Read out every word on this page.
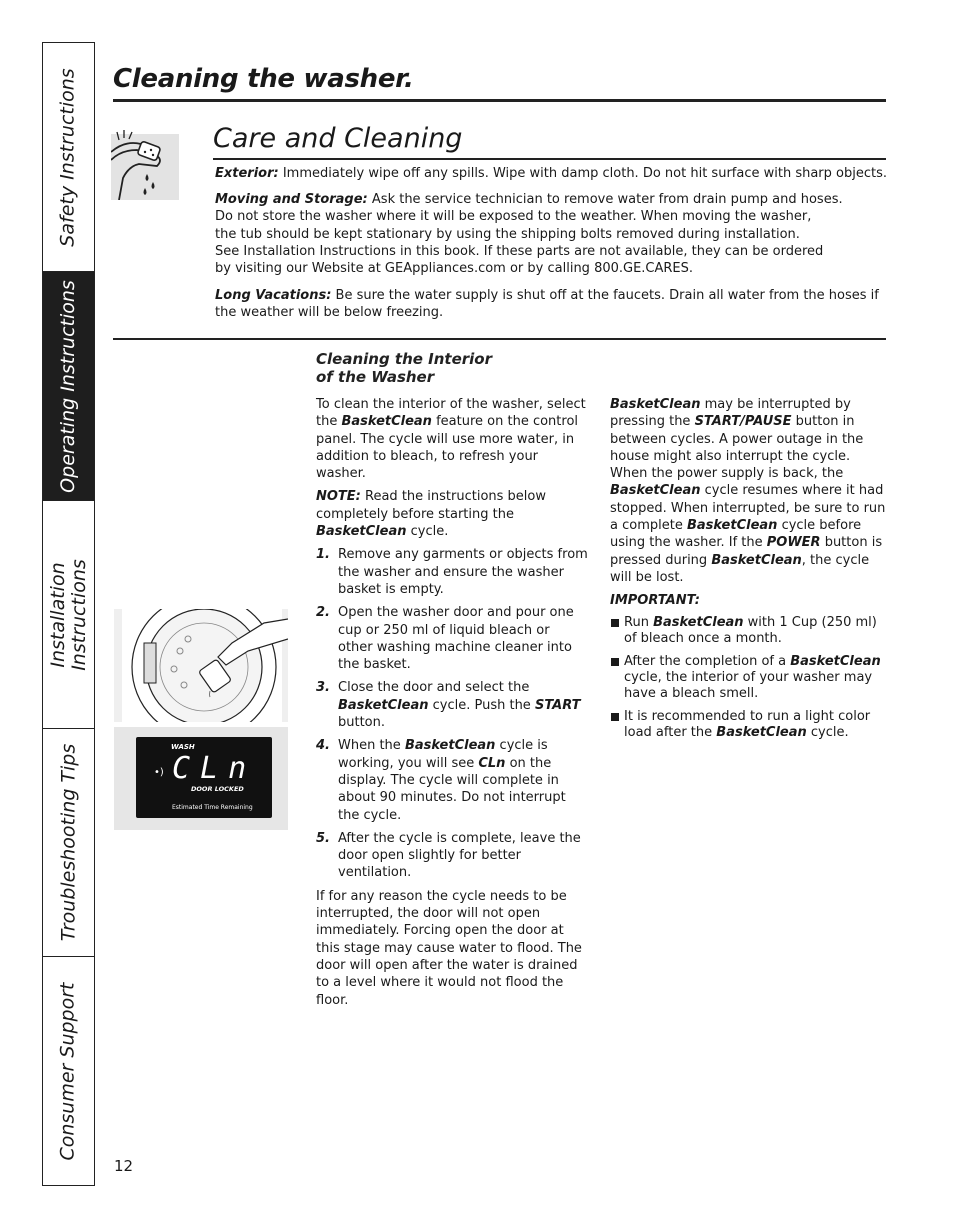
Safety Instructions
Operating Instructions
Installation
Instructions
Troubleshooting Tips
Consumer Support
Cleaning the washer.
Care and Cleaning

Exterior: Immediately wipe off any spills. Wipe with damp cloth. Do not hit surface with sharp objects.

Moving and Storage: Ask the service technician to remove water from drain pump and hoses.
Do not store the washer where it will be exposed to the weather. When moving the washer,
the tub should be kept stationary by using the shipping bolts removed during installation.
See Installation Instructions in this book. If these parts are not available, they can be ordered
by visiting our Website at GEAppliances.com or by calling 800.GE.CARES.

Long Vacations: Be sure the water supply is shut off at the faucets. Drain all water from the hoses if the weather will be below freezing.

Cleaning the Interior
of the Washer
•)
WASH
CLn
DOOR LOCKED
Estimated Time Remaining

To clean the interior of the washer, select the BasketClean feature on the control panel. The cycle will use more water, in addition to bleach, to refresh your washer.

NOTE: Read the instructions below completely before starting the BasketClean cycle.

1. Remove any garments or objects from the washer and ensure the washer basket is empty.
2. Open the washer door and pour one cup or 250 ml of liquid bleach or other washing machine cleaner into the basket.
3. Close the door and select the BasketClean cycle. Push the START button.
4. When the BasketClean cycle is working, you will see CLn on the display. The cycle will complete in about 90 minutes. Do not interrupt the cycle.
5. After the cycle is complete, leave the door open slightly for better ventilation.

If for any reason the cycle needs to be interrupted, the door will not open immediately. Forcing open the door at this stage may cause water to flood. The door will open after the water is drained to a level where it would not flood the floor.

BasketClean may be interrupted by pressing the START/PAUSE button in between cycles. A power outage in the house might also interrupt the cycle. When the power supply is back, the BasketClean cycle resumes where it had stopped. When interrupted, be sure to run a complete BasketClean cycle before using the washer. If the POWER button is pressed during BasketClean, the cycle will be lost.

IMPORTANT:

Run BasketClean with 1 Cup (250 ml) of bleach once a month.
After the completion of a BasketClean cycle, the interior of your washer may have a bleach smell.
It is recommended to run a light color load after the BasketClean cycle.
12
